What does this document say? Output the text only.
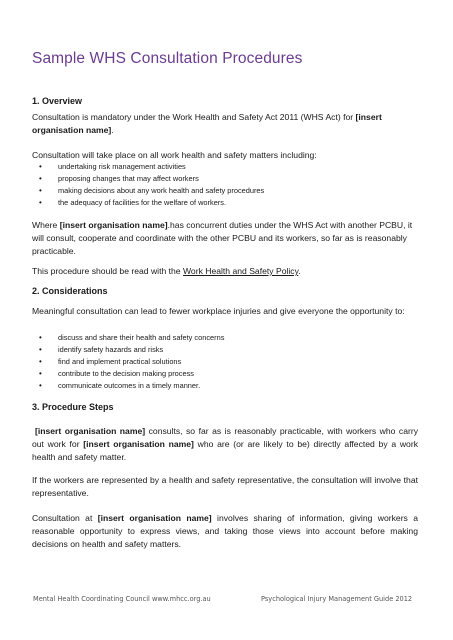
Sample WHS Consultation Procedures
1. Overview
Consultation is mandatory under the Work Health and Safety Act 2011 (WHS Act) for [insert organisation name].
Consultation will take place on all work health and safety matters including:
• undertaking risk management activities
• proposing changes that may affect workers
• making decisions about any work health and safety procedures
• the adequacy of facilities for the welfare of workers.
Where [insert organisation name].has concurrent duties under the WHS Act with another PCBU, it will consult, cooperate and coordinate with the other PCBU and its workers, so far as is reasonably practicable.
This procedure should be read with the Work Health and Safety Policy.
2. Considerations
Meaningful consultation can lead to fewer workplace injuries and give everyone the opportunity to:
• discuss and share their health and safety concerns
• identify safety hazards and risks
• find and implement practical solutions
• contribute to the decision making process
• communicate outcomes in a timely manner.
3. Procedure Steps
[insert organisation name] consults, so far as is reasonably practicable, with workers who carry out work for [insert organisation name] who are (or are likely to be) directly affected by a work health and safety matter.
If the workers are represented by a health and safety representative, the consultation will involve that representative.
Consultation at [insert organisation name] involves sharing of information, giving workers a reasonable opportunity to express views, and taking those views into account before making decisions on health and safety matters.
Mental Health Coordinating Council www.mhcc.org.au	Psychological Injury Management Guide 2012
